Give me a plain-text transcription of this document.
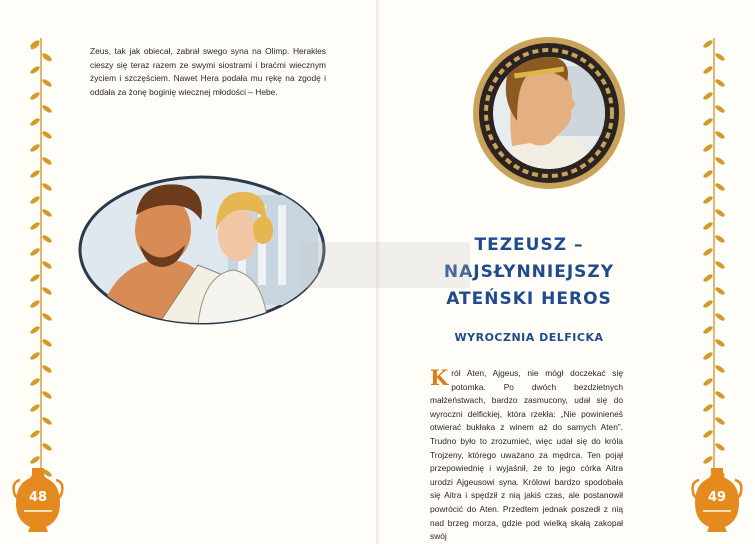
48	49
Zeus, tak jak obiecał, zabrał swego syna na Olimp. Herakles cieszy się teraz razem ze swymi siostrami i braćmi wiecznym życiem i szczęściem. Nawet Hera podała mu rękę na zgodę i oddała za żonę boginię wiecznej młodości – Hebe.
TEZEUSZ –
NAJSŁYNNIEJSZY
ATEŃSKI HEROS
WYROCZNIA DELFICKA
Król Aten, Ajgeus, nie mógł doczekać się potomka. Po dwóch bezdzietnych małżeństwach, bardzo zasmucony, udał się do wyroczni delfickiej, która rzekła: „Nie powinieneś otwierać bukłaka z winem aż do samych Aten”. Trudno było to zrozumieć, więc udał się do króla Trojzeny, którego uważano za mędrca. Ten pojął przepowiednię i wyjaśnił, że to jego córka Aitra urodzi Ajgeusowi syna. Królowi bardzo spodobała się Aitra i spędził z nią jakiś czas, ale postanowił powrócić do Aten. Przedtem jednak poszedł z nią nad brzeg morza, gdzie pod wielką skałą zakopał swój
